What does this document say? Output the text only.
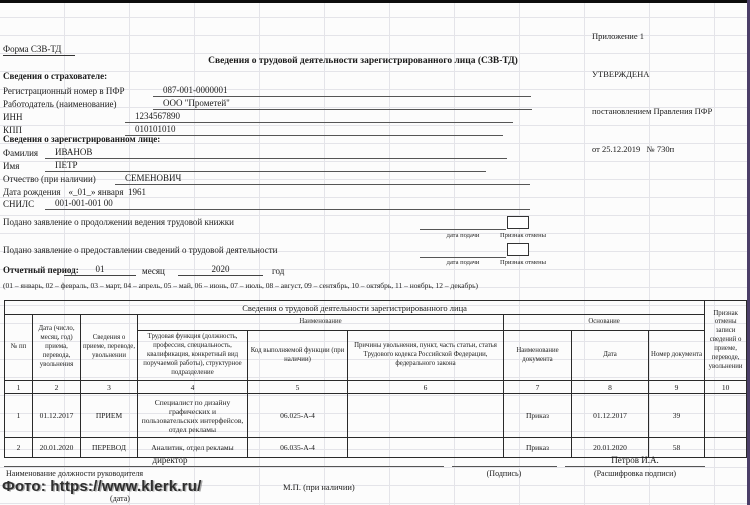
Приложение 1

УТВЕРЖДЕНА

постановлением Правления ПФР

от 25.12.2019   № 730п

Форма СЗВ-ТД
Сведения о трудовой деятельности зарегистрированного лица (СЗВ-ТД)
Сведения о страхователе:
Регистрационный номер в ПФР	087-001-0000001
Работодатель (наименование)	ООО "Прометей"
ИНН	1234567890
КПП	010101010
Сведения о зарегистрированном лице:
Фамилия	ИВАНОВ
Имя	ПЕТР
Отчество (при наличии)	СЕМЕНОВИЧ
Дата рождения «_01_» января  1961
СНИЛС	001-001-001 00
Подано заявление о продолжении ведения трудовой книжки
дата подачи	Признак отмены
Подано заявление о предоставлении сведений о трудовой деятельности
дата подачи	Признак отмены
Отчетный период:	01	месяц	2020	год
(01 – январь, 02 – февраль, 03 – март, 04 – апрель, 05 – май, 06 – июнь, 07 – июль, 08 – август, 09 – сентябрь, 10 – октябрь, 11 – ноябрь, 12 – декабрь)
Сведения о трудовой деятельности зарегистрированного лица									Признак отмены записи сведений о приеме, переводе, увольнении
№ пп	Дата (число, месяц, год) приема, перевода, увольнения	Сведения о приеме, переводе, увольнении	Наименование			Основание			
			Трудовая функция (должность, профессия, специальность, квалификация, конкретный вид поручаемой работы), структурное подразделение	Код выполняемой функции (при наличии)	Причины увольнения, пункт, часть статьи, статья Трудового кодекса Российской Федерации, федерального закона	Наименование документа	Дата	Номер документа	
1	2	3	4	5	6	7	8	9	10
1	01.12.2017	ПРИЕМ	Специалист по дизайну графических и пользовательских интерфейсов, отдел рекламы	06.025-А-4		Приказ	01.12.2017	39	
2	20.01.2020	ПЕРЕВОД	Аналитик, отдел рекламы	06.035-А-4		Приказ	20.01.2020	58	
директор
Наименование должности руководителя	(Подпись)
Петров И.А.
(Расшифровка подписи)
М.П. (при наличии)
(дата)
Фото: https://www.klerk.ru/
